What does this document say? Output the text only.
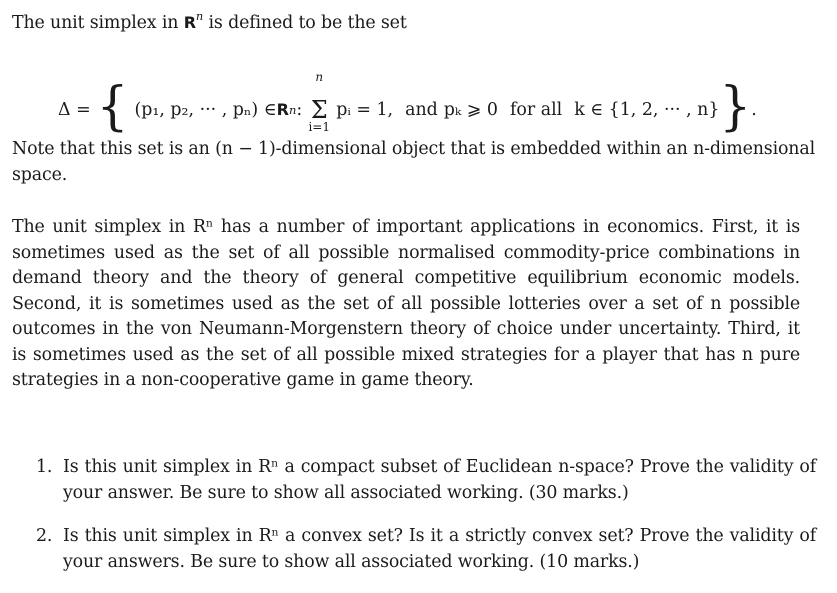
The unit simplex in $R^n$ is defined to be the set

Δ = { (p₁, p₂, ··· , pₙ) ∈ R $^n$ :
n
Σ
i=1
pᵢ = 1, and pₖ ⩾ 0 for all k ∈ {1, 2, ··· , n} } .

Note that this set is an (n − 1)-dimensional object that is embedded within an n-dimensional space.

The unit simplex in Rⁿ has a number of important applications in economics. First, it is sometimes used as the set of all possible normalised commodity-price combinations in demand theory and the theory of general competitive equilibrium economic models. Second, it is sometimes used as the set of all possible lotteries over a set of n possible outcomes in the von Neumann-Morgenstern theory of choice under uncertainty. Third, it is sometimes used as the set of all possible mixed strategies for a player that has n pure strategies in a non-cooperative game in game theory.

1. Is this unit simplex in Rⁿ a compact subset of Euclidean n-space? Prove the validity of your answer. Be sure to show all associated working. (30 marks.)
2. Is this unit simplex in Rⁿ a convex set? Is it a strictly convex set? Prove the validity of your answers. Be sure to show all associated working. (10 marks.)
